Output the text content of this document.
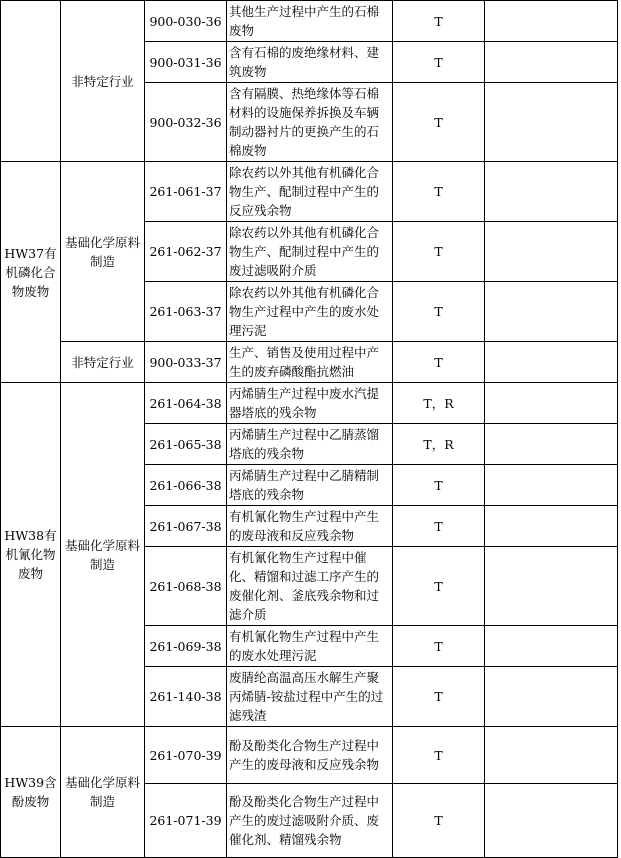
	非特定行业	900-030-36	其他生产过程中产生的石棉废物	T	
		900-031-36	含有石棉的废绝缘材料、建筑废物	T	
		900-032-36	含有隔膜、热绝缘体等石棉材料的设施保养拆换及车辆制动器衬片的更换产生的石棉废物	T	
HW37有机磷化合物废物	基础化学原料制造	261-061-37	除农药以外其他有机磷化合物生产、配制过程中产生的反应残余物	T	
		261-062-37	除农药以外其他有机磷化合物生产、配制过程中产生的废过滤吸附介质	T	
		261-063-37	除农药以外其他有机磷化合物生产过程中产生的废水处理污泥	T	
	非特定行业	900-033-37	生产、销售及使用过程中产生的废弃磷酸酯抗燃油	T	
HW38有机氰化物废物	基础化学原料制造	261-064-38	丙烯腈生产过程中废水汽提器塔底的残余物	T，R	
		261-065-38	丙烯腈生产过程中乙腈蒸馏塔底的残余物	T，R	
		261-066-38	丙烯腈生产过程中乙腈精制塔底的残余物	T	
		261-067-38	有机氰化物生产过程中产生的废母液和反应残余物	T	
		261-068-38	有机氰化物生产过程中催化、精馏和过滤工序产生的废催化剂、釜底残余物和过滤介质	T	
		261-069-38	有机氰化物生产过程中产生的废水处理污泥	T	
		261-140-38	废腈纶高温高压水解生产聚丙烯腈-铵盐过程中产生的过滤残渣	T	
HW39含酚废物	基础化学原料制造	261-070-39	酚及酚类化合物生产过程中产生的废母液和反应残余物	T	
		261-071-39	酚及酚类化合物生产过程中产生的废过滤吸附介质、废催化剂、精馏残余物	T	
